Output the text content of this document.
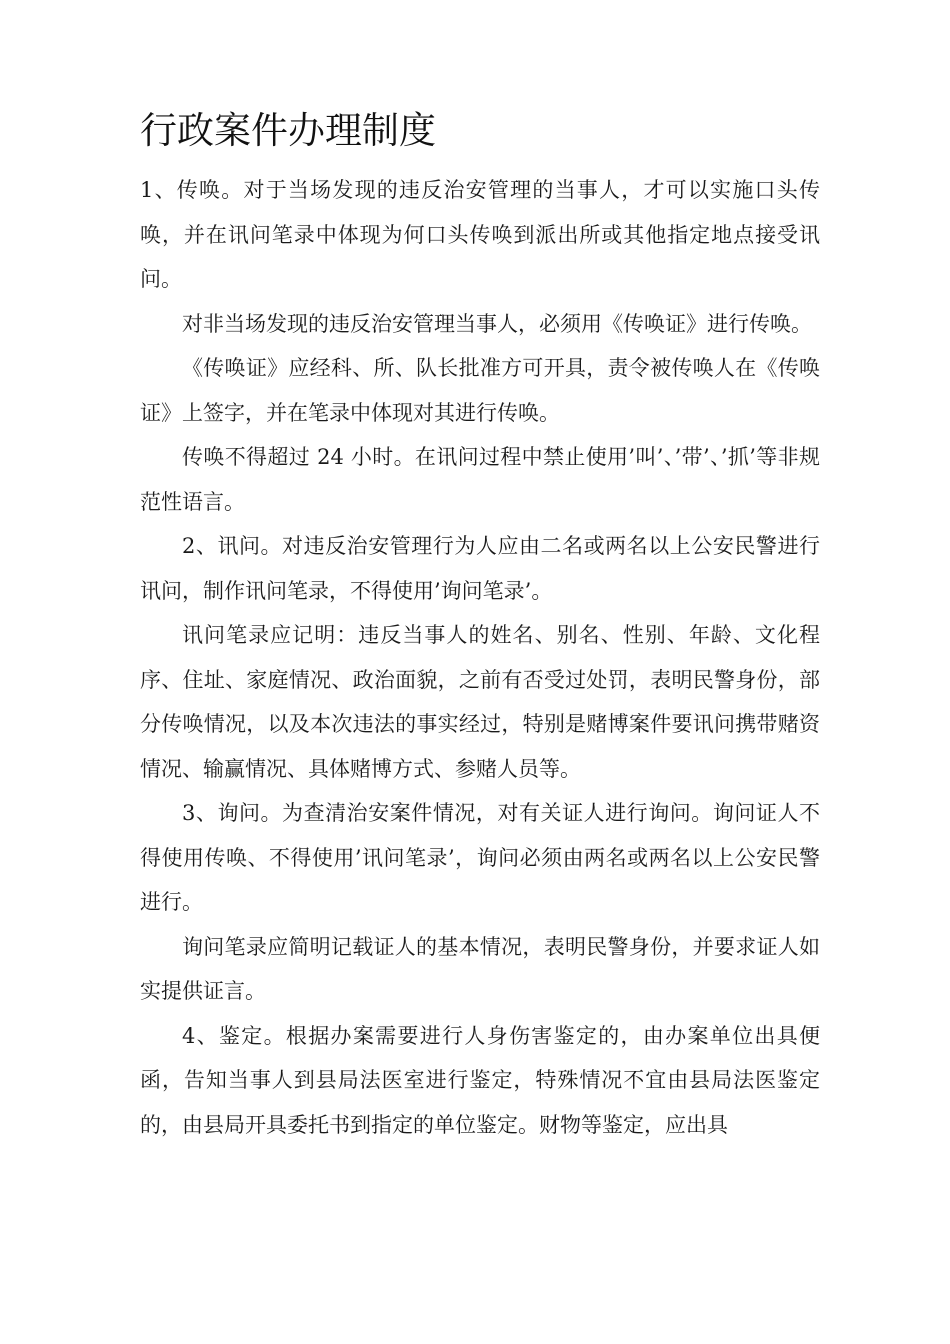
行政案件办理制度

1、传唤。对于当场发现的违反治安管理的当事人，才可以实施口头传唤，并在讯问笔录中体现为何口头传唤到派出所或其他指定地点接受讯问。

对非当场发现的违反治安管理当事人，必须用《传唤证》进行传唤。

《传唤证》应经科、所、队长批准方可开具，责令被传唤人在《传唤证》上签字，并在笔录中体现对其进行传唤。

传唤不得超过 24 小时。在讯问过程中禁止使用’叫’、’带’、’抓’等非规范性语言。

2、讯问。对违反治安管理行为人应由二名或两名以上公安民警进行讯问，制作讯问笔录，不得使用’询问笔录’。

讯问笔录应记明：违反当事人的姓名、别名、性别、年龄、文化程序、住址、家庭情况、政治面貌，之前有否受过处罚，表明民警身份，部分传唤情况，以及本次违法的事实经过，特别是赌博案件要讯问携带赌资情况、输赢情况、具体赌博方式、参赌人员等。

3、询问。为查清治安案件情况，对有关证人进行询问。询问证人不得使用传唤、不得使用’讯问笔录’，询问必须由两名或两名以上公安民警进行。

询问笔录应简明记载证人的基本情况，表明民警身份，并要求证人如实提供证言。

4、鉴定。根据办案需要进行人身伤害鉴定的，由办案单位出具便函，告知当事人到县局法医室进行鉴定，特殊情况不宜由县局法医鉴定的，由县局开具委托书到指定的单位鉴定。财物等鉴定，应出具
